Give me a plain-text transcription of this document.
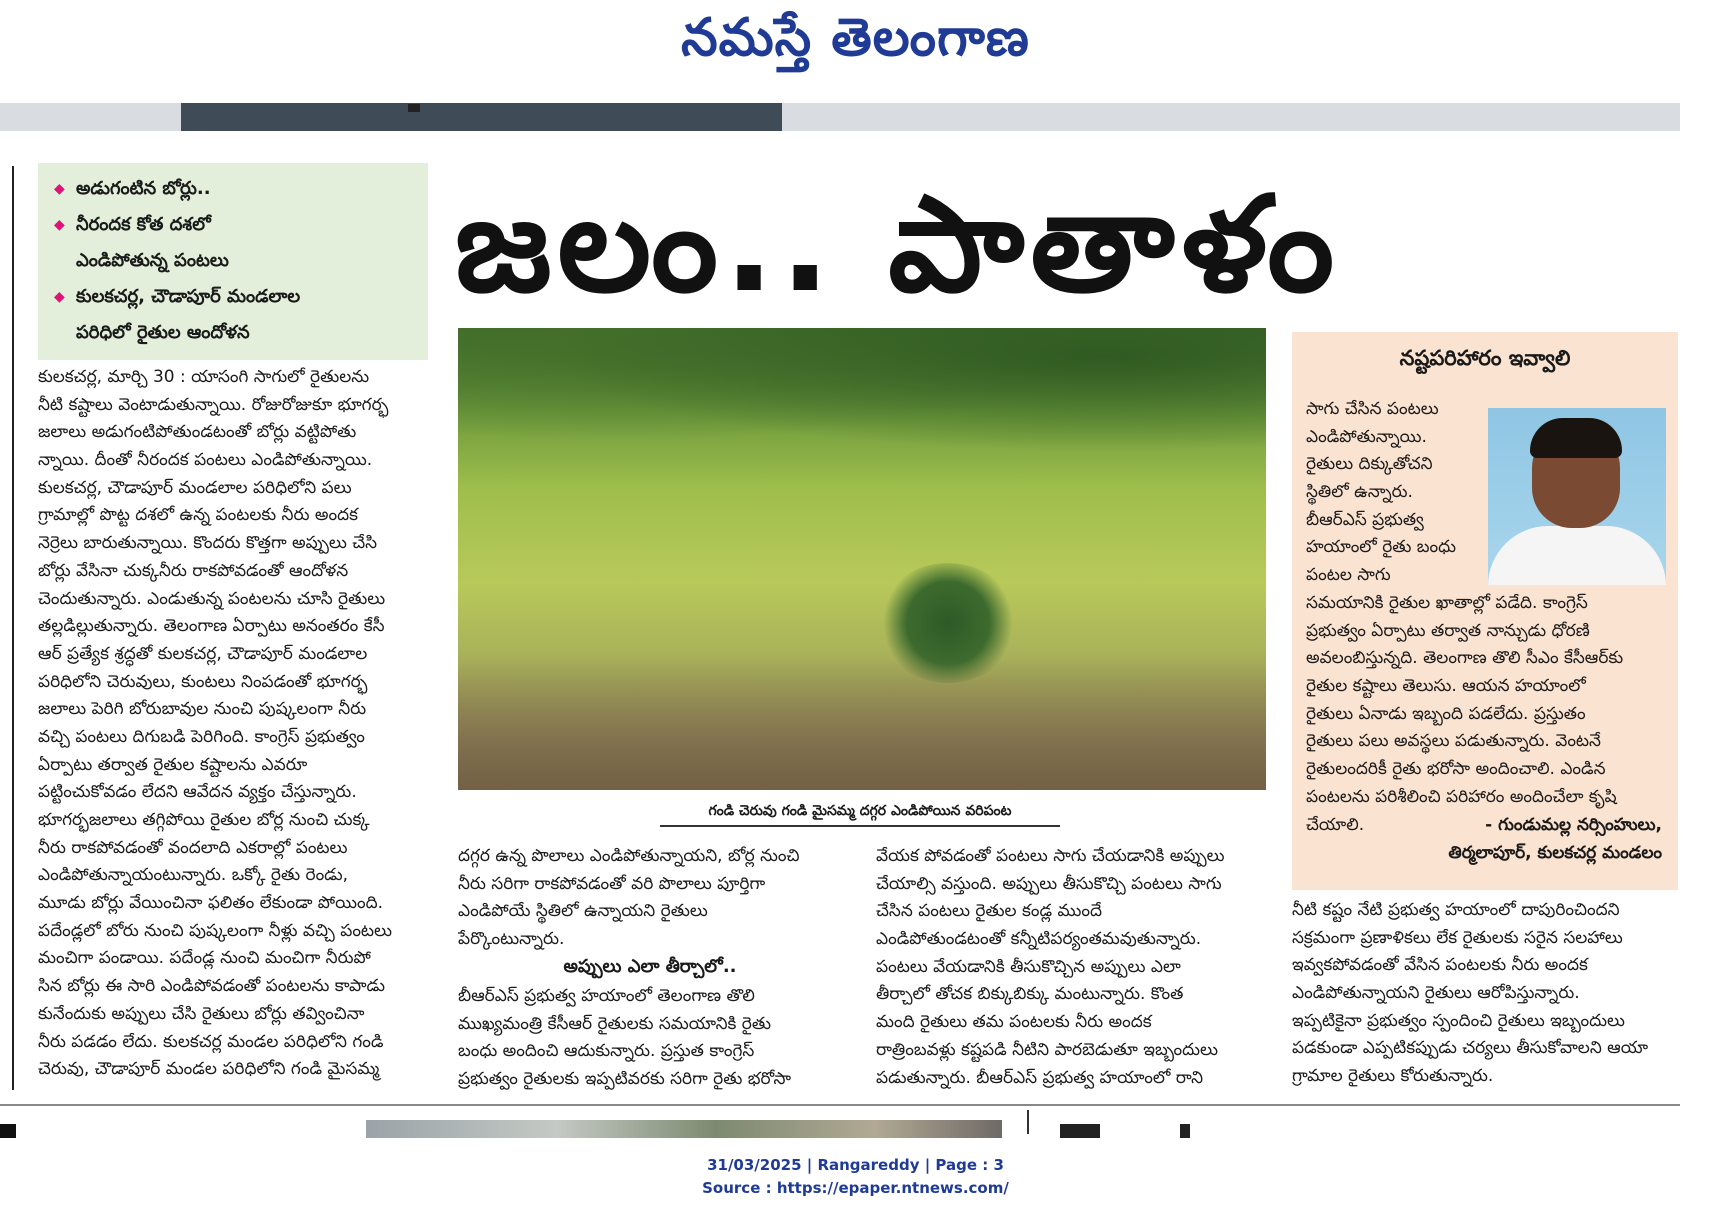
నమస్తే తెలంగాణ
◆ అడుగంటిన బోర్లు..
◆ నీరందక కోత దశలో
ఎండిపోతున్న పంటలు
◆ కులకచర్ల, చౌడాపూర్ మండలాల
పరిధిలో రైతుల ఆందోళన
జలం.. పాతాళం
కులకచర్ల, మార్చి 30 : యాసంగి సాగులో రైతులను
నీటి కష్టాలు వెంటాడుతున్నాయి. రోజురోజుకూ భూగర్భ
జలాలు అడుగంటిపోతుండటంతో బోర్లు వట్టిపోతు
న్నాయి. దీంతో నీరందక పంటలు ఎండిపోతున్నాయి.
కులకచర్ల, చౌడాపూర్ మండలాల పరిధిలోని పలు
గ్రామాల్లో పొట్ట దశలో ఉన్న పంటలకు నీరు అందక
నెర్రెలు బారుతున్నాయి. కొందరు కొత్తగా అప్పులు చేసి
బోర్లు వేసినా చుక్కనీరు రాకపోవడంతో ఆందోళన
చెందుతున్నారు. ఎండుతున్న పంటలను చూసి రైతులు
తల్లడిల్లుతున్నారు. తెలంగాణ ఏర్పాటు అనంతరం కేసీ
ఆర్ ప్రత్యేక శ్రద్ధతో కులకచర్ల, చౌడాపూర్ మండలాల
పరిధిలోని చెరువులు, కుంటలు నింపడంతో భూగర్భ
జలాలు పెరిగి బోరుబావుల నుంచి పుష్కలంగా నీరు
వచ్చి పంటలు దిగుబడి పెరిగింది. కాంగ్రెస్ ప్రభుత్వం
ఏర్పాటు తర్వాత రైతుల కష్టాలను ఎవరూ
పట్టించుకోవడం లేదని ఆవేదన వ్యక్తం చేస్తున్నారు.
భూగర్భజలాలు తగ్గిపోయి రైతుల బోర్ల నుంచి చుక్క
నీరు రాకపోవడంతో వందలాది ఎకరాల్లో పంటలు
ఎండిపోతున్నాయంటున్నారు. ఒక్కో రైతు రెండు,
మూడు బోర్లు వేయించినా ఫలితం లేకుండా పోయింది.
పదేండ్లలో బోరు నుంచి పుష్కలంగా నీళ్లు వచ్చి పంటలు
మంచిగా పండాయి. పదేండ్ల నుంచి మంచిగా నీరుపో
సిన బోర్లు ఈ సారి ఎండిపోవడంతో పంటలను కాపాడు
కునేందుకు అప్పులు చేసి రైతులు బోర్లు తవ్వించినా
నీరు పడడం లేదు. కులకచర్ల మండల పరిధిలోని గండి
చెరువు, చౌడాపూర్ మండల పరిధిలోని గండి మైసమ్మ
గండి చెరువు గండి మైసమ్మ దగ్గర ఎండిపోయిన వరిపంట
దగ్గర ఉన్న పొలాలు ఎండిపోతున్నాయని, బోర్ల నుంచి
నీరు సరిగా రాకపోవడంతో వరి పొలాలు పూర్తిగా
ఎండిపోయే స్థితిలో ఉన్నాయని రైతులు
పేర్కొంటున్నారు.
అప్పులు ఎలా తీర్చాలో..
బీఆర్ఎస్ ప్రభుత్వ హయాంలో తెలంగాణ తొలి
ముఖ్యమంత్రి కేసీఆర్ రైతులకు సమయానికి రైతు
బంధు అందించి ఆదుకున్నారు. ప్రస్తుత కాంగ్రెస్
ప్రభుత్వం రైతులకు ఇప్పటివరకు సరిగా రైతు భరోసా
వేయక పోవడంతో పంటలు సాగు చేయడానికి అప్పులు
చేయాల్సి వస్తుంది. అప్పులు తీసుకొచ్చి పంటలు సాగు
చేసిన పంటలు రైతుల కండ్ల ముందే
ఎండిపోతుండటంతో కన్నీటిపర్యంతమవుతున్నారు.
పంటలు వేయడానికి తీసుకొచ్చిన అప్పులు ఎలా
తీర్చాలో తోచక బిక్కుబిక్కు మంటున్నారు. కొంత
మంది రైతులు తమ పంటలకు నీరు అందక
రాత్రింబవళ్లు కష్టపడి నీటిని పారబెడుతూ ఇబ్బందులు
పడుతున్నారు. బీఆర్ఎస్ ప్రభుత్వ హయాంలో రాని
నష్టపరిహారం ఇవ్వాలి
సాగు చేసిన పంటలు
ఎండిపోతున్నాయి.
రైతులు దిక్కుతోచని
స్థితిలో ఉన్నారు.
బీఆర్ఎస్ ప్రభుత్వ
హయాంలో రైతు బంధు
పంటల సాగు
సమయానికి రైతుల ఖాతాల్లో పడేది. కాంగ్రెస్
ప్రభుత్వం ఏర్పాటు తర్వాత నాన్చుడు ధోరణి
అవలంబిస్తున్నది. తెలంగాణ తొలి సీఎం కేసీఆర్‌కు
రైతుల కష్టాలు తెలుసు. ఆయన హయాంలో
రైతులు ఏనాడు ఇబ్బంది పడలేదు. ప్రస్తుతం
రైతులు పలు అవస్థలు పడుతున్నారు. వెంటనే
రైతులందరికీ రైతు భరోసా అందించాలి. ఎండిన
పంటలను పరిశీలించి పరిహారం అందించేలా కృషి
చేయాలి.	- గుండుమల్ల నర్సింహులు,
తిర్మలాపూర్, కులకచర్ల మండలం
నీటి కష్టం నేటి ప్రభుత్వ హయాంలో దాపురించిందని
సక్రమంగా ప్రణాళికలు లేక రైతులకు సరైన సలహాలు
ఇవ్వకపోవడంతో వేసిన పంటలకు నీరు అందక
ఎండిపోతున్నాయని రైతులు ఆరోపిస్తున్నారు.
ఇప్పటికైనా ప్రభుత్వం స్పందించి రైతులు ఇబ్బందులు
పడకుండా ఎప్పటికప్పుడు చర్యలు తీసుకోవాలని ఆయా
గ్రామాల రైతులు కోరుతున్నారు.
31/03/2025 | Rangareddy | Page : 3
Source : https://epaper.ntnews.com/
